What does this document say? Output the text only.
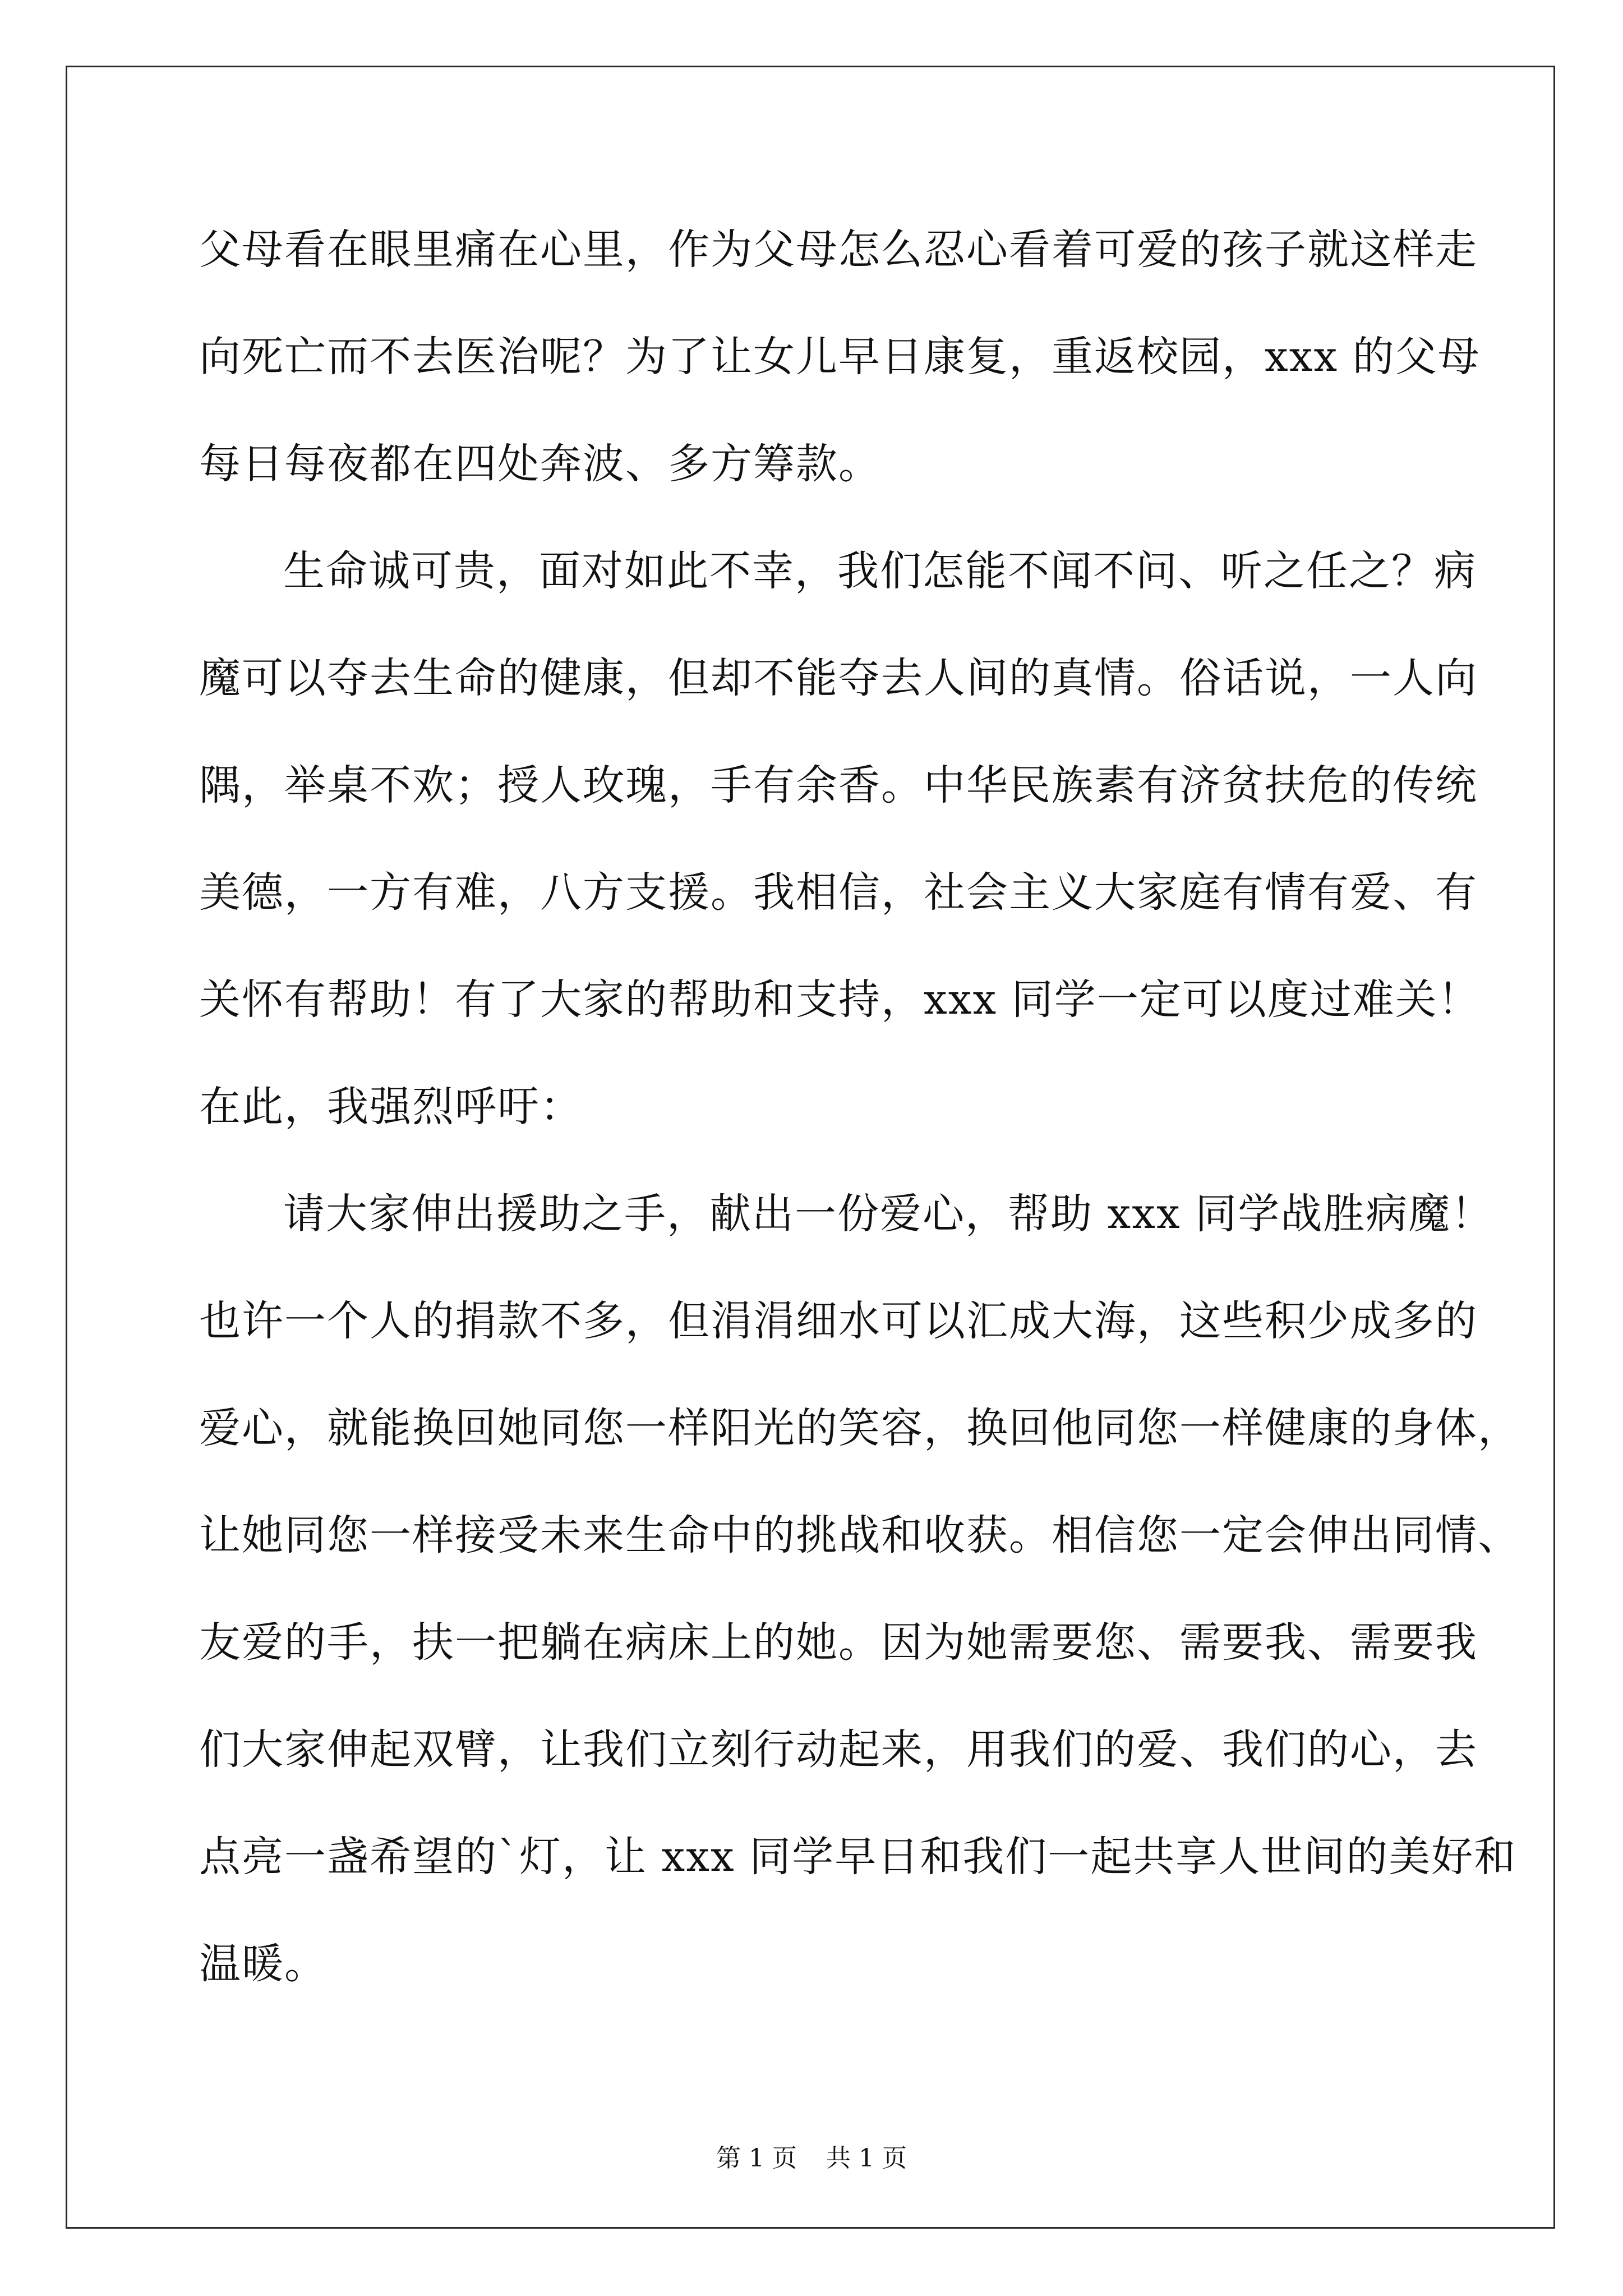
父母看在眼里痛在心里，作为父母怎么忍心看着可爱的孩子就这样走
向死亡而不去医治呢？为了让女儿早日康复，重返校园，xxx 的父母
每日每夜都在四处奔波、多方筹款。
生命诚可贵，面对如此不幸，我们怎能不闻不问、听之任之？病
魔可以夺去生命的健康，但却不能夺去人间的真情。俗话说，一人向
隅，举桌不欢；授人玫瑰，手有余香。中华民族素有济贫扶危的传统
美德，一方有难，八方支援。我相信，社会主义大家庭有情有爱、有
关怀有帮助！有了大家的帮助和支持，xxx 同学一定可以度过难关！
在此，我强烈呼吁：
请大家伸出援助之手，献出一份爱心，帮助 xxx 同学战胜病魔！
也许一个人的捐款不多，但涓涓细水可以汇成大海，这些积少成多的
爱心，就能换回她同您一样阳光的笑容，换回他同您一样健康的身体，
让她同您一样接受未来生命中的挑战和收获。相信您一定会伸出同情、
友爱的手，扶一把躺在病床上的她。因为她需要您、需要我、需要我
们大家伸起双臂，让我们立刻行动起来，用我们的爱、我们的心，去
点亮一盏希望的`灯，让 xxx 同学早日和我们一起共享人世间的美好和
温暖。
第 1 页 共 1 页
